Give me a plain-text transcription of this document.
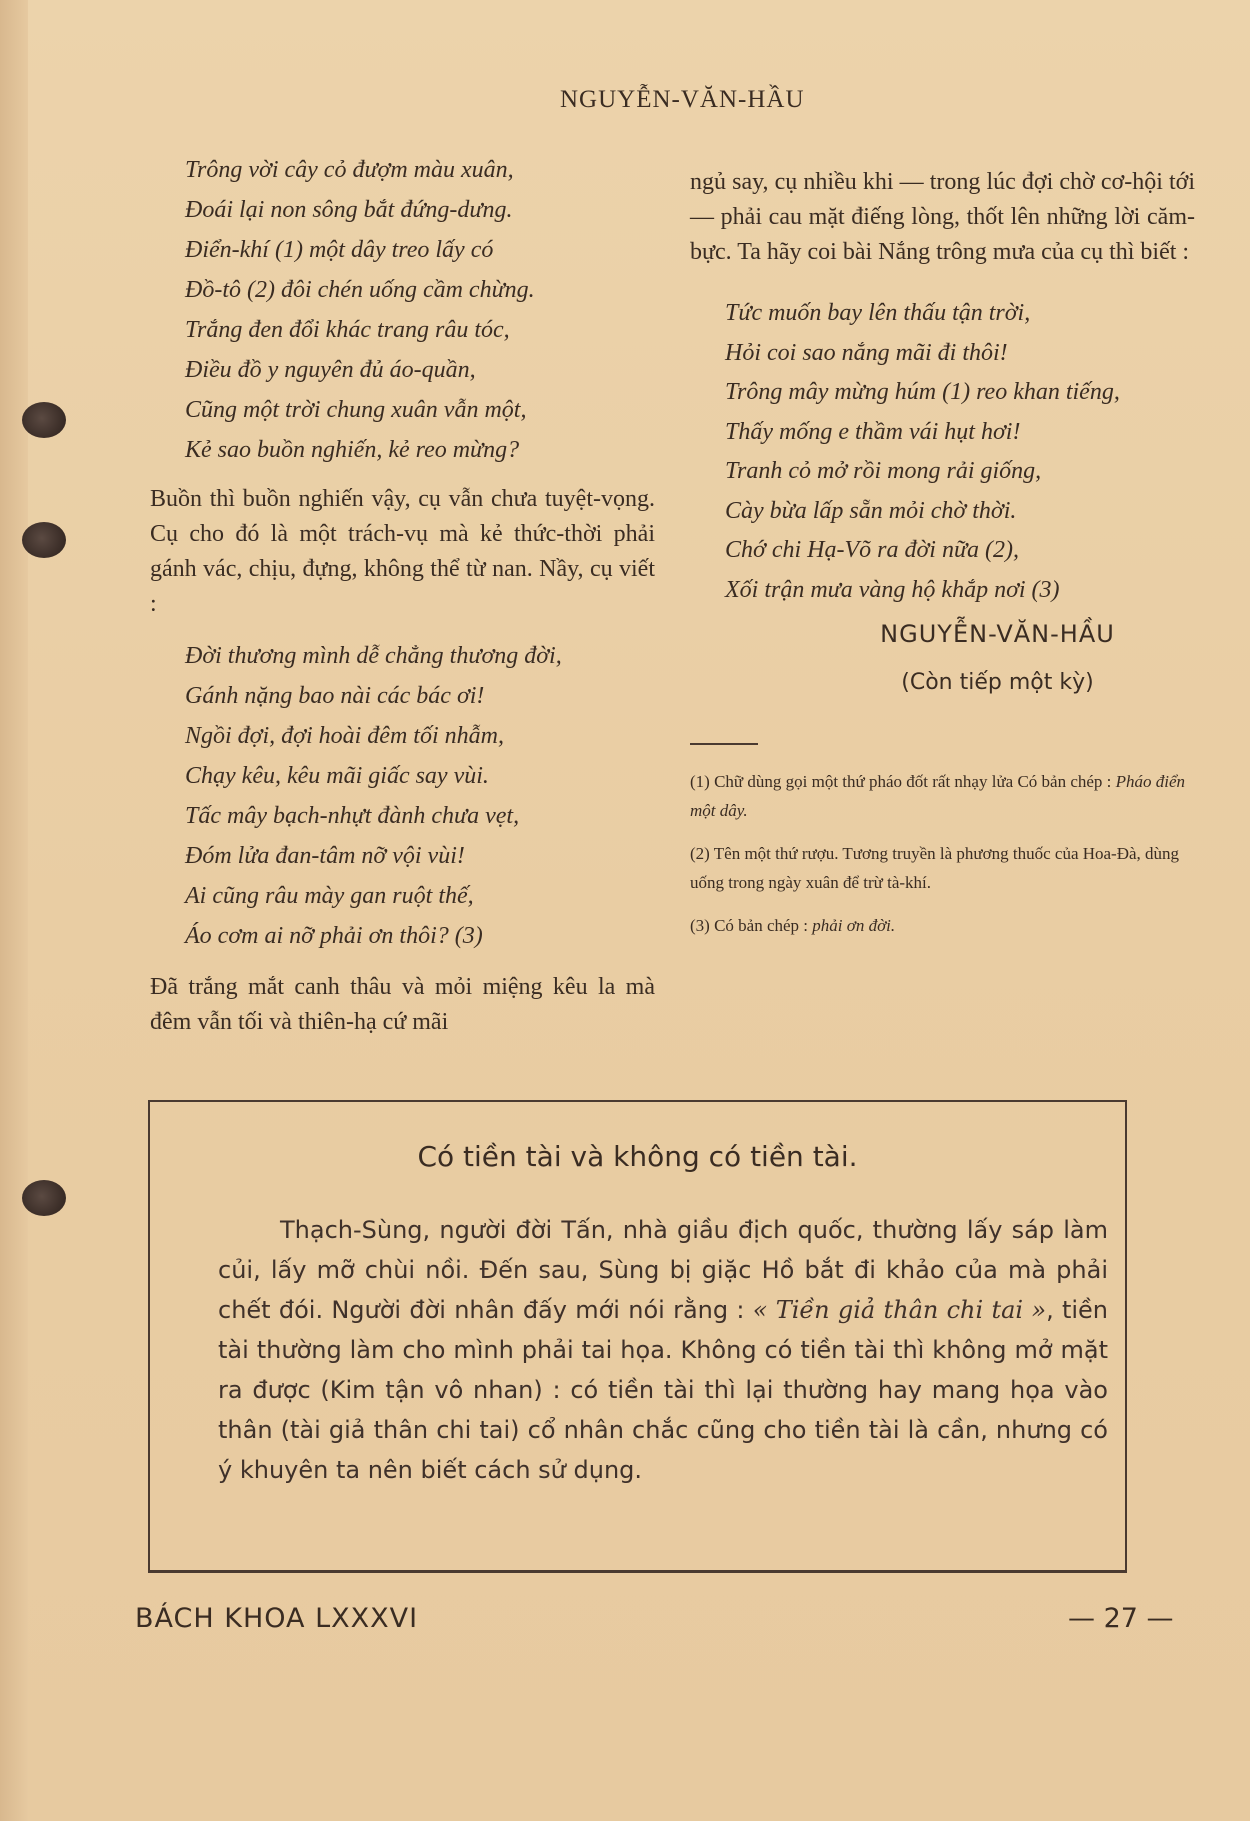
NGUYỄN-VĂN-HẦU
Trông vời cây cỏ đượm màu xuân,
Đoái lại non sông bắt đứng-dưng.
Điển-khí (1) một dây treo lấy có
Đồ-tô (2) đôi chén uống cầm chừng.
Trắng đen đổi khác trang râu tóc,
Điều đồ y nguyên đủ áo-quần,
Cũng một trời chung xuân vẫn một,
Kẻ sao buồn nghiến, kẻ reo mừng?

Buồn thì buồn nghiến vậy, cụ vẫn chưa tuyệt-vọng. Cụ cho đó là một trách-vụ mà kẻ thức-thời phải gánh vác, chịu, đựng, không thể từ nan. Nầy, cụ viết :

Đời thương mình dễ chẳng thương đời,
Gánh nặng bao nài các bác ơi!
Ngồi đợi, đợi hoài đêm tối nhẫm,
Chạy kêu, kêu mãi giấc say vùi.
Tấc mây bạch-nhựt đành chưa vẹt,
Đóm lửa đan-tâm nỡ vội vùi!
Ai cũng râu mày gan ruột thế,
Áo cơm ai nỡ phải ơn thôi? (3)

Đã trắng mắt canh thâu và mỏi miệng kêu la mà đêm vẫn tối và thiên-hạ cứ mãi

ngủ say, cụ nhiều khi — trong lúc đợi chờ cơ-hội tới — phải cau mặt điếng lòng, thốt lên những lời căm-bực. Ta hãy coi bài Nắng trông mưa của cụ thì biết :

Tức muốn bay lên thấu tận trời,
Hỏi coi sao nắng mãi đi thôi!
Trông mây mừng húm (1) reo khan tiếng,
Thấy mống e thầm vái hụt hơi!
Tranh cỏ mở rồi mong rải giống,
Cày bừa lấp sẵn mỏi chờ thời.
Chớ chi Hạ-Võ ra đời nữa (2),
Xối trận mưa vàng hộ khắp nơi (3)
NGUYỄN-VĂN-HẦU
(Còn tiếp một kỳ)

(1) Chữ dùng gọi một thứ pháo đốt rất nhạy lửa Có bản chép : Pháo điển một dây.

(2) Tên một thứ rượu. Tương truyền là phương thuốc của Hoa-Đà, dùng uống trong ngày xuân để trừ tà-khí.

(3) Có bản chép : phải ơn đời.

Có tiền tài và không có tiền tài.

Thạch-Sùng, người đời Tấn, nhà giầu địch quốc, thường lấy sáp làm củi, lấy mỡ chùi nồi. Đến sau, Sùng bị giặc Hồ bắt đi khảo của mà phải chết đói. Người đời nhân đấy mới nói rằng : « Tiền giả thân chi tai », tiền tài thường làm cho mình phải tai họa. Không có tiền tài thì không mở mặt ra được (Kim tận vô nhan) : có tiền tài thì lại thường hay mang họa vào thân (tài giả thân chi tai) cổ nhân chắc cũng cho tiền tài là cần, nhưng có ý khuyên ta nên biết cách sử dụng.

BÁCH KHOA LXXXVI	— 27 —
